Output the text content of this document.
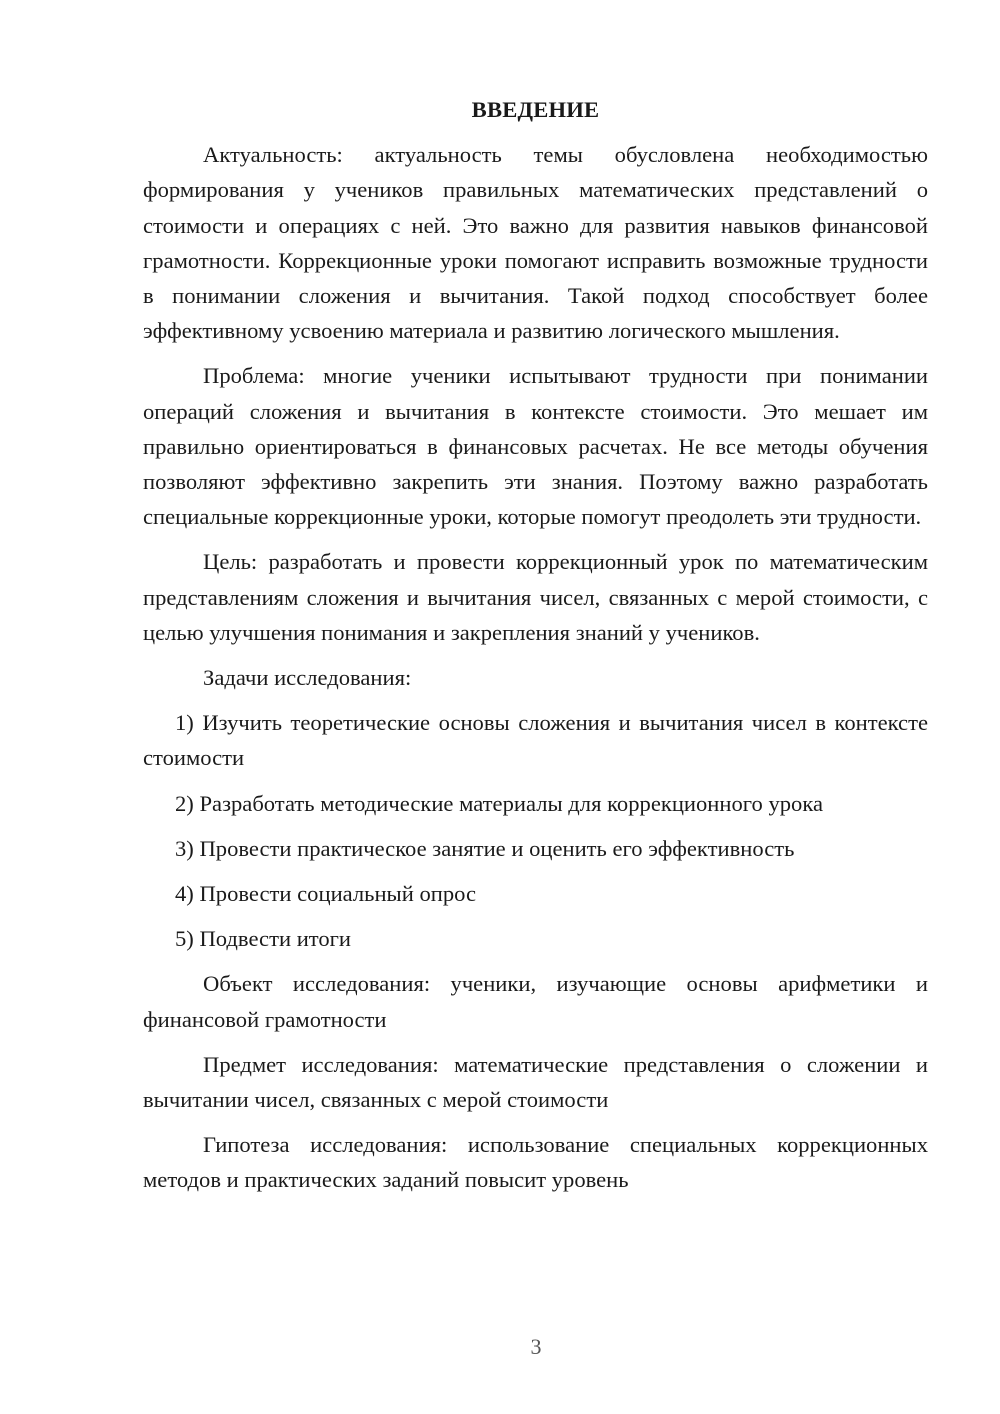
ВВЕДЕНИЕ

Актуальность: актуальность темы обусловлена необходимостью формирования у учеников правильных математических представлений о стоимости и операциях с ней. Это важно для развития навыков финансовой грамотности. Коррекционные уроки помогают исправить возможные трудности в понимании сложения и вычитания. Такой подход способствует более эффективному усвоению материала и развитию логического мышления.

Проблема: многие ученики испытывают трудности при понимании операций сложения и вычитания в контексте стоимости. Это мешает им правильно ориентироваться в финансовых расчетах. Не все методы обучения позволяют эффективно закрепить эти знания. Поэтому важно разработать специальные коррекционные уроки, которые помогут преодолеть эти трудности.

Цель: разработать и провести коррекционный урок по математическим представлениям сложения и вычитания чисел, связанных с мерой стоимости, с целью улучшения понимания и закрепления знаний у учеников.

Задачи исследования:

1) Изучить теоретические основы сложения и вычитания чисел в контексте стоимости
2) Разработать методические материалы для коррекционного урока
3) Провести практическое занятие и оценить его эффективность
4) Провести социальный опрос
5) Подвести итоги

Объект исследования: ученики, изучающие основы арифметики и финансовой грамотности

Предмет исследования: математические представления о сложении и вычитании чисел, связанных с мерой стоимости

Гипотеза исследования: использование специальных коррекционных методов и практических заданий повысит уровень

3
